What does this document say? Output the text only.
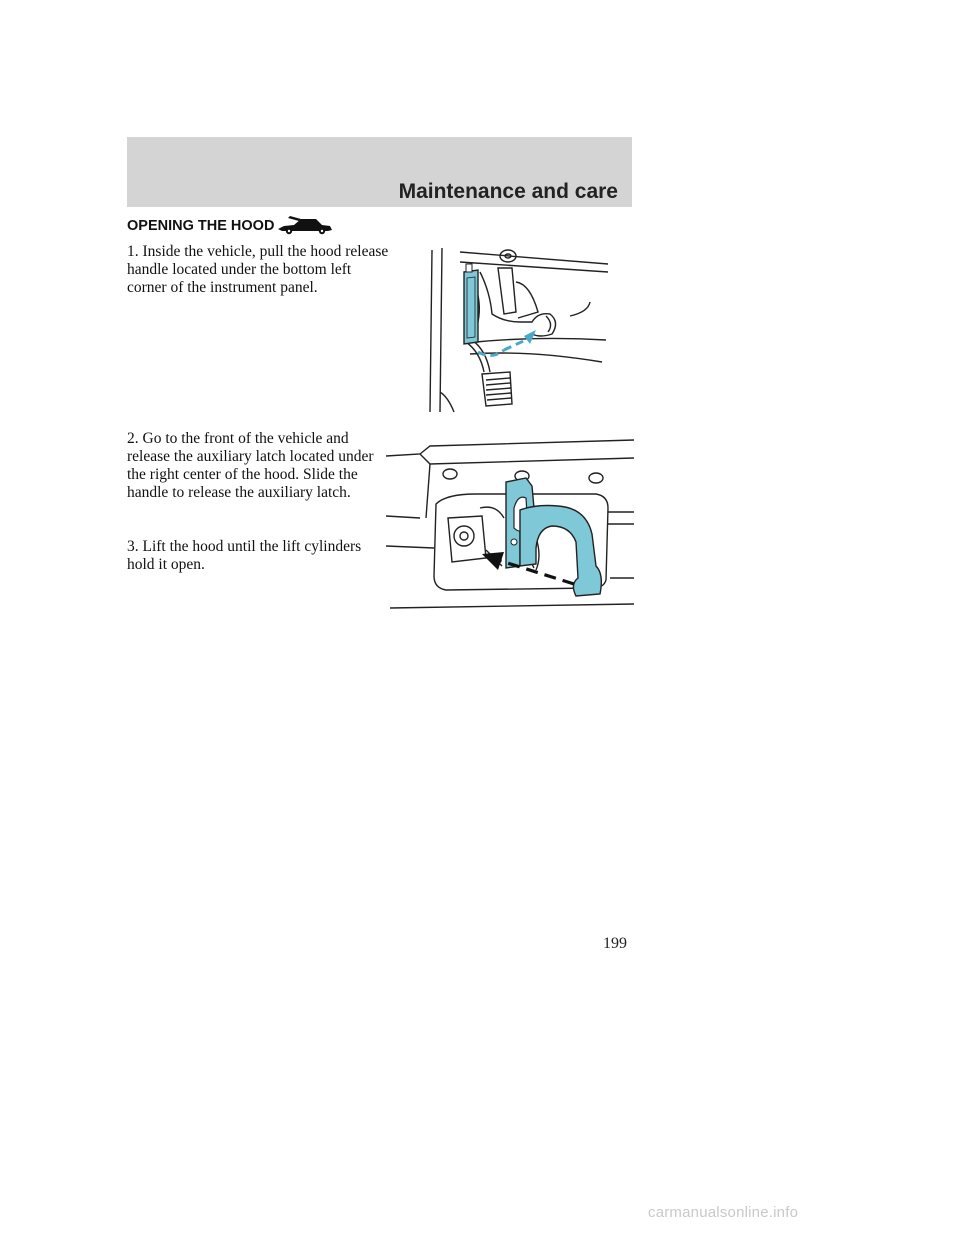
Maintenance and care
OPENING THE HOOD

1. Inside the vehicle, pull the hood release handle located under the bottom left corner of the instrument panel.

2. Go to the front of the vehicle and release the auxiliary latch located under the right center of the hood. Slide the handle to release the auxiliary latch.

3. Lift the hood until the lift cylinders hold it open.

199
carmanualsonline.info
